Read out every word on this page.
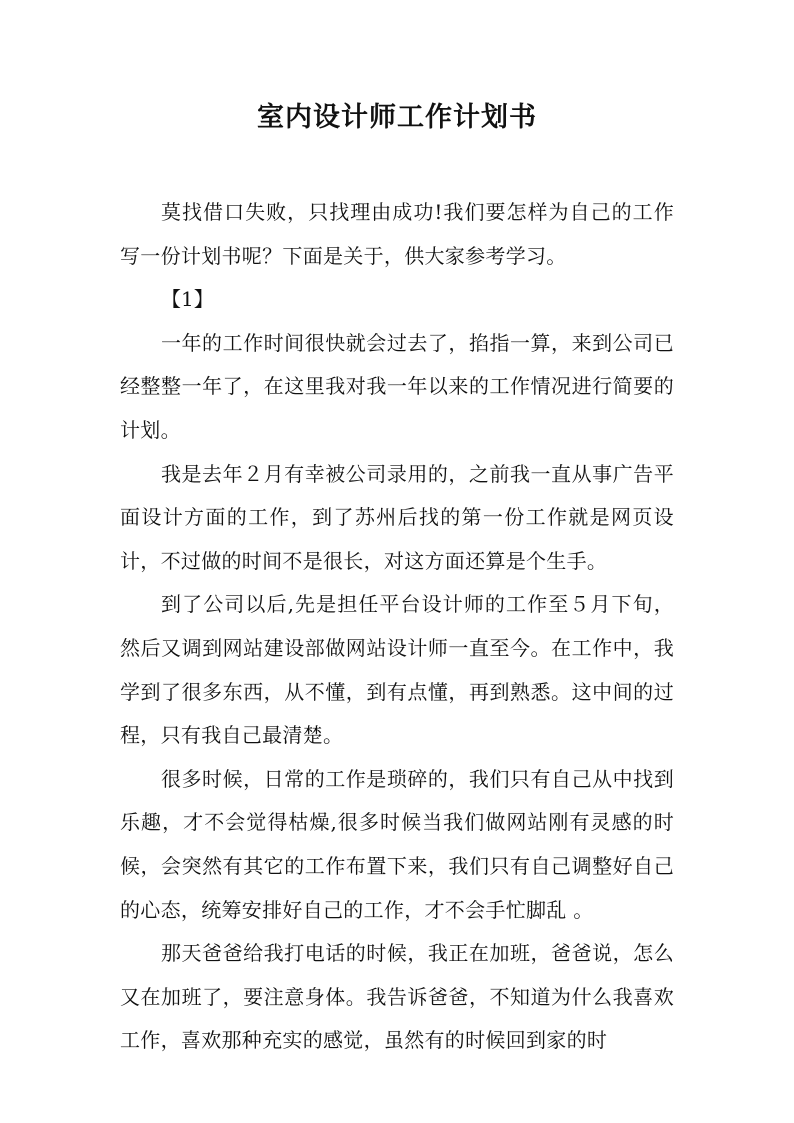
室内设计师工作计划书

莫找借口失败，只找理由成功!我们要怎样为自己的工作写一份计划书呢？下面是关于，供大家参考学习。

【1】

一年的工作时间很快就会过去了，掐指一算，来到公司已经整整一年了，在这里我对我一年以来的工作情况进行简要的计划。

我是去年２月有幸被公司录用的，之前我一直从事广告平面设计方面的工作，到了苏州后找的第一份工作就是网页设计，不过做的时间不是很长，对这方面还算是个生手。

到了公司以后,先是担任平台设计师的工作至５月下旬，然后又调到网站建设部做网站设计师一直至今。在工作中，我学到了很多东西，从不懂，到有点懂，再到熟悉。这中间的过程，只有我自己最清楚。

很多时候，日常的工作是琐碎的，我们只有自己从中找到乐趣，才不会觉得枯燥,很多时候当我们做网站刚有灵感的时候，会突然有其它的工作布置下来，我们只有自己调整好自己的心态，统筹安排好自己的工作，才不会手忙脚乱 。

那天爸爸给我打电话的时候，我正在加班，爸爸说，怎么又在加班了，要注意身体。我告诉爸爸，不知道为什么我喜欢工作，喜欢那种充实的感觉，虽然有的时候回到家的时
